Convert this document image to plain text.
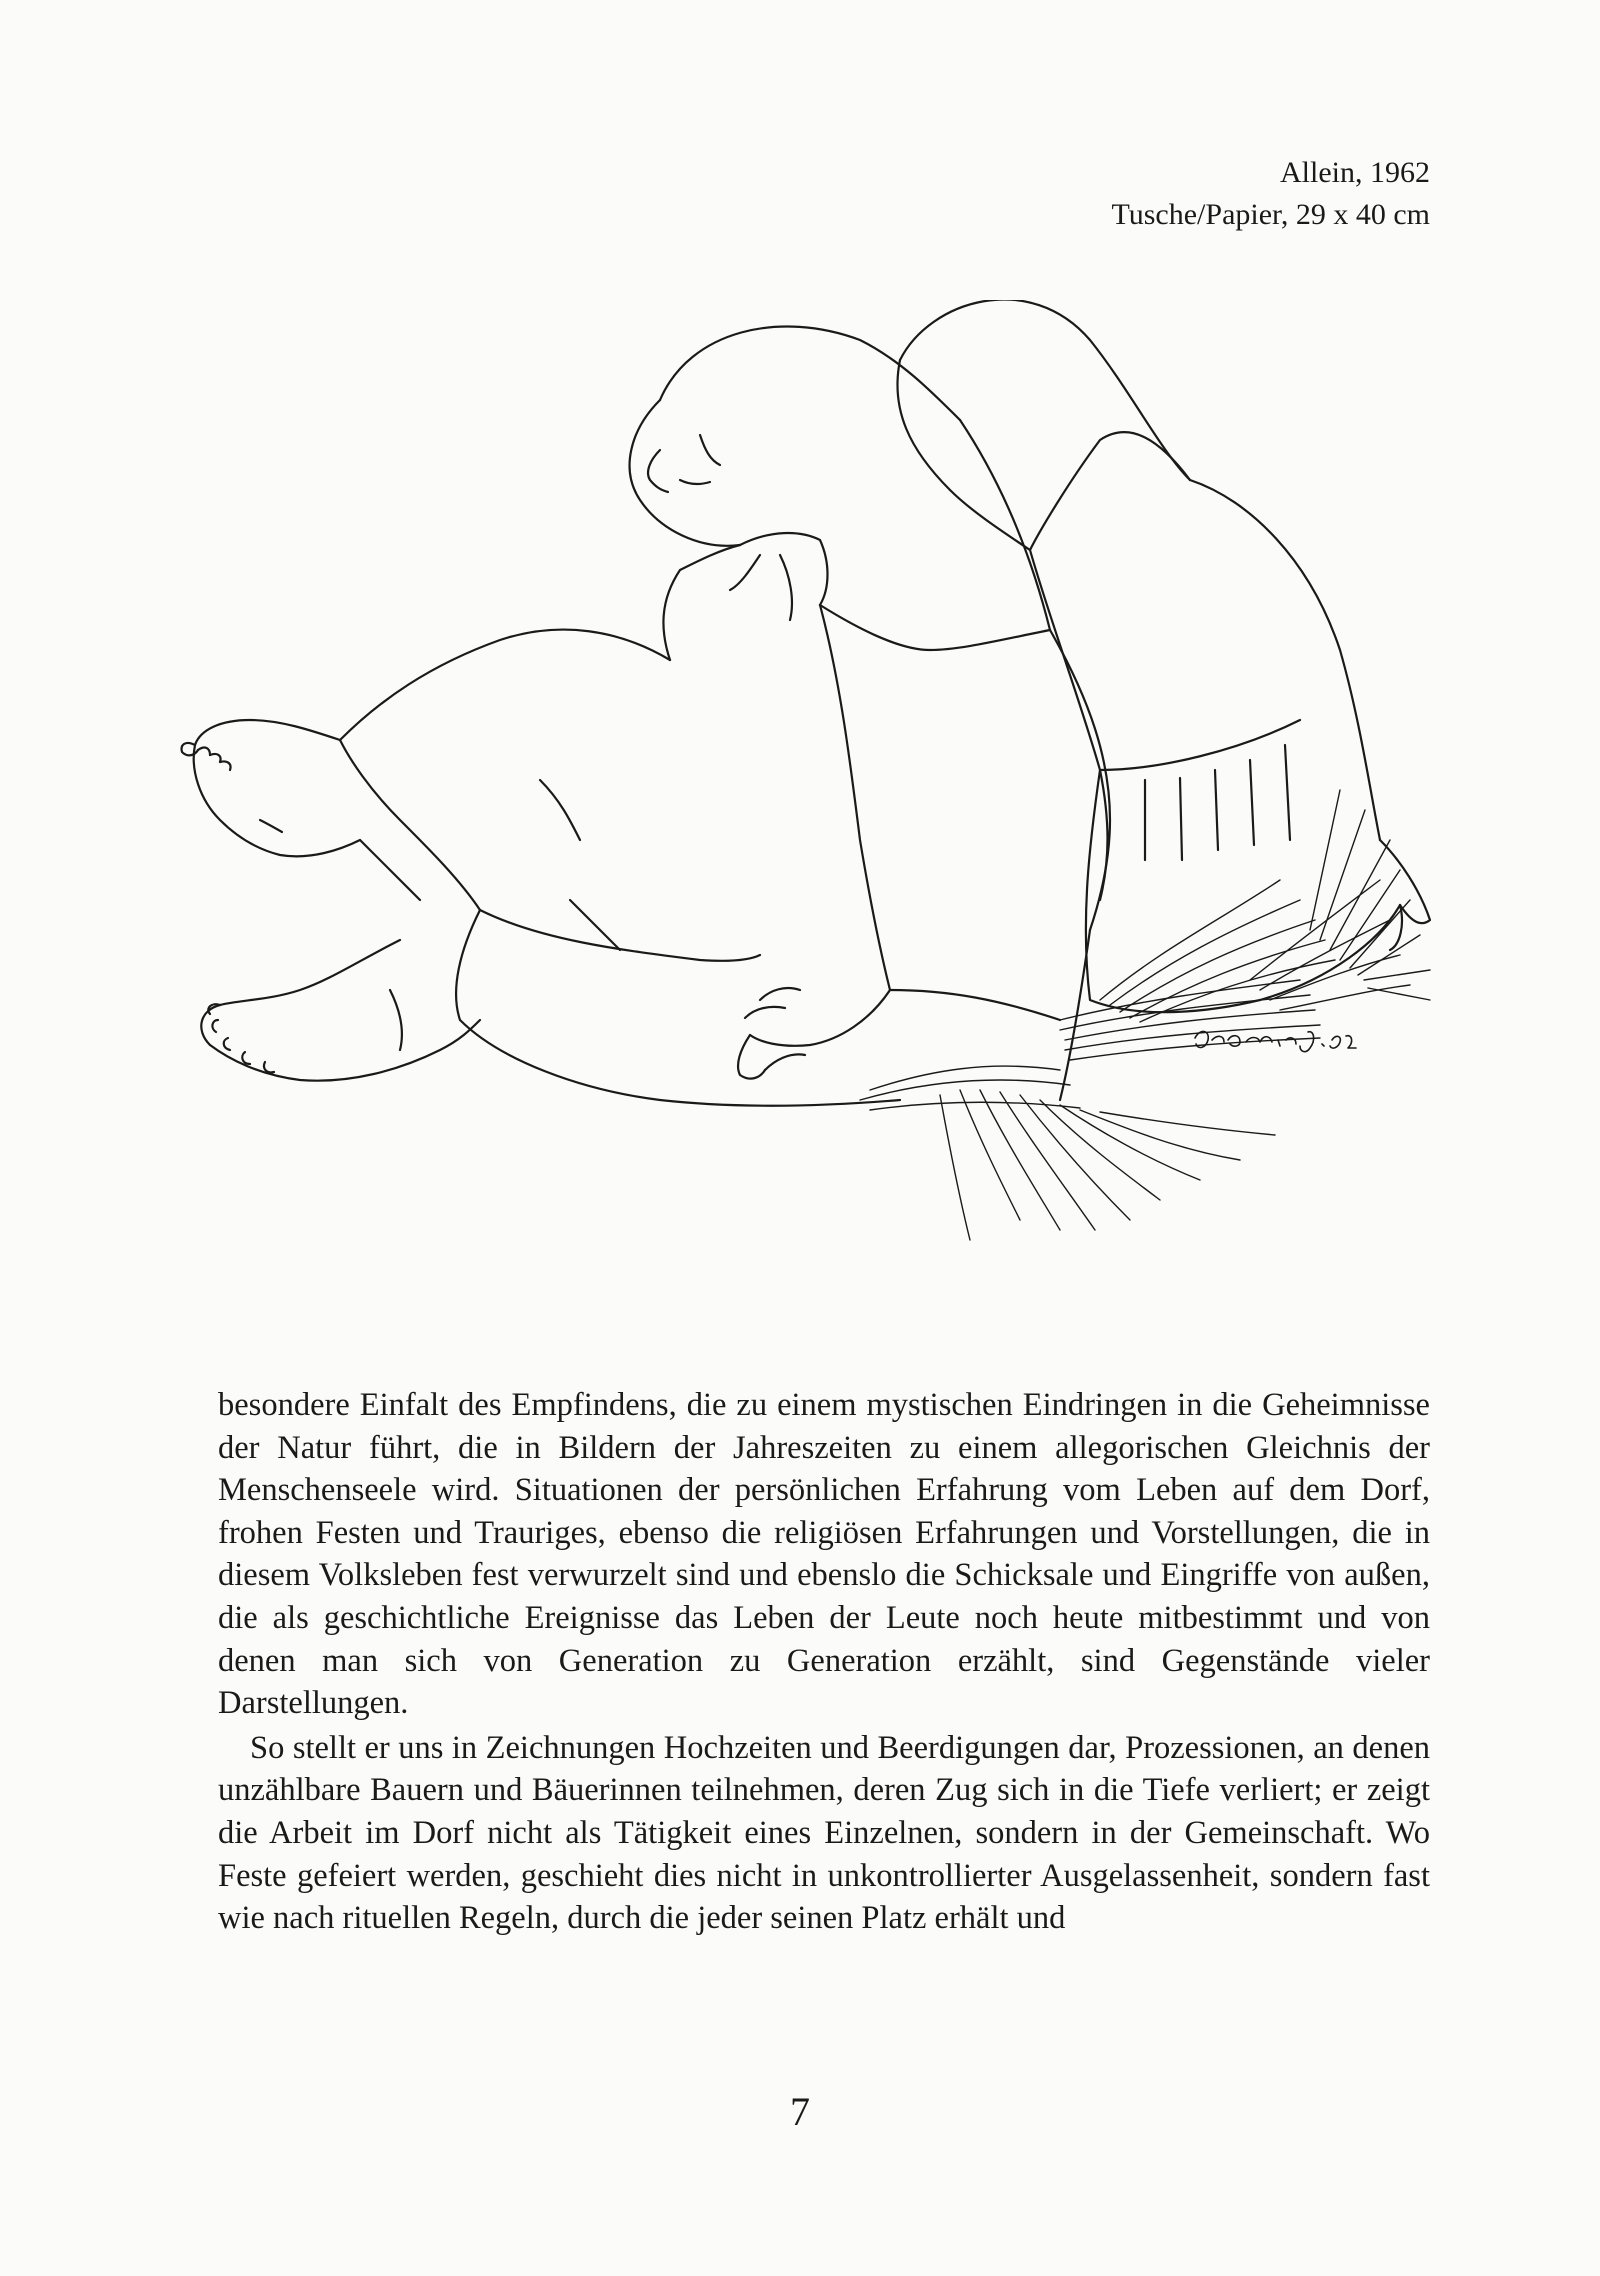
Allein, 1962
Tusche/Papier, 29 x 40 cm

besondere Einfalt des Empfindens, die zu einem mystischen Eindringen in die Geheimnisse der Natur führt, die in Bildern der Jahreszeiten zu einem allegorischen Gleichnis der Menschenseele wird. Situationen der persönlichen Erfahrung vom Leben auf dem Dorf, frohen Festen und Trauriges, ebenso die religiösen Erfahrungen und Vorstellungen, die in diesem Volksleben fest verwurzelt sind und ebenslo die Schicksale und Eingriffe von außen, die als geschichtliche Ereignisse das Leben der Leute noch heute mitbestimmt und von denen man sich von Generation zu Generation erzählt, sind Gegenstände vieler Darstellungen.

So stellt er uns in Zeichnungen Hochzeiten und Beerdigungen dar, Prozessionen, an denen unzählbare Bauern und Bäuerinnen teilnehmen, deren Zug sich in die Tiefe verliert; er zeigt die Arbeit im Dorf nicht als Tätigkeit eines Einzelnen, sondern in der Gemeinschaft. Wo Feste gefeiert werden, geschieht dies nicht in unkontrollierter Ausgelassenheit, sondern fast wie nach rituellen Regeln, durch die jeder seinen Platz erhält und

7
